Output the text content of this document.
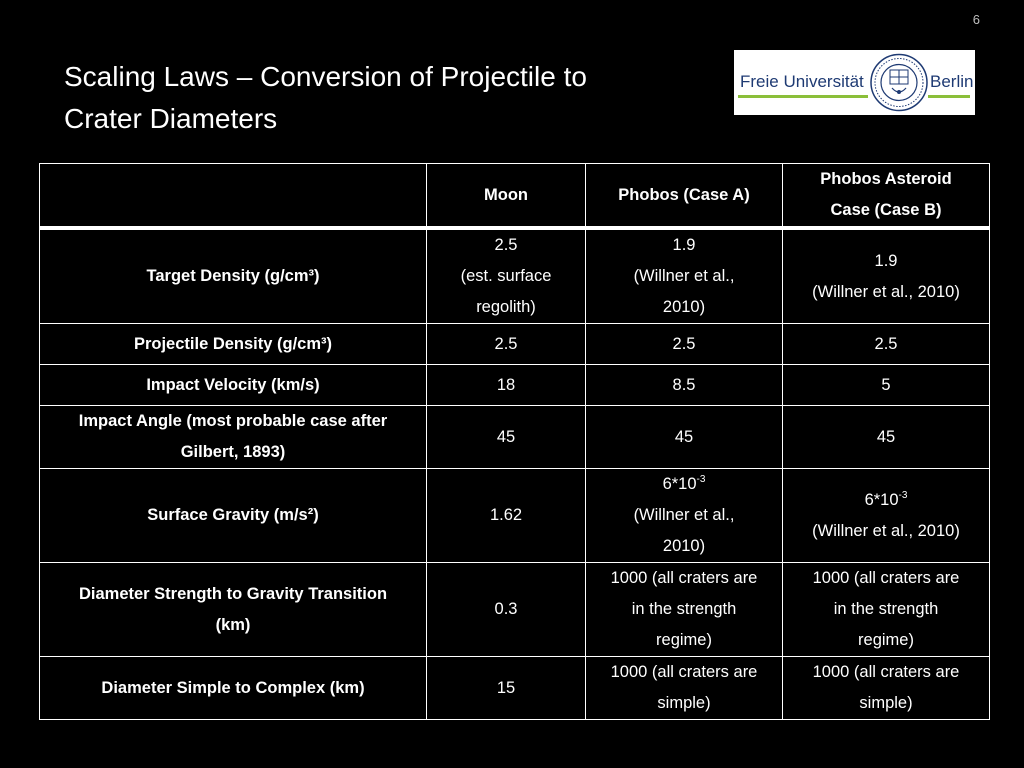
6
Scaling Laws – Conversion of Projectile to
Crater Diameters
Freie Universität	Berlin
	Moon	Phobos (Case A)	Phobos Asteroid
Case (Case B)

Target Density (g/cm³)	2.5
(est. surface
regolith)	1.9
(Willner et al.,
2010)	1.9
(Willner et al., 2010)

Projectile Density (g/cm³)	2.5	2.5	2.5
Impact Velocity (km/s)	18	8.5	5

Impact Angle (most probable case after
Gilbert, 1893)	45	45	45
Surface Gravity (m/s²)	1.62	$6*10^{-3}$
(Willner et al.,
2010)	$6*10^{-3}$
(Willner et al., 2010)

Diameter Strength to Gravity Transition
(km)	0.3	1000 (all craters are
in the strength
regime)	1000 (all craters are
in the strength
regime)

Diameter Simple to Complex (km)	15	1000 (all craters are
simple)	1000 (all craters are
simple)
